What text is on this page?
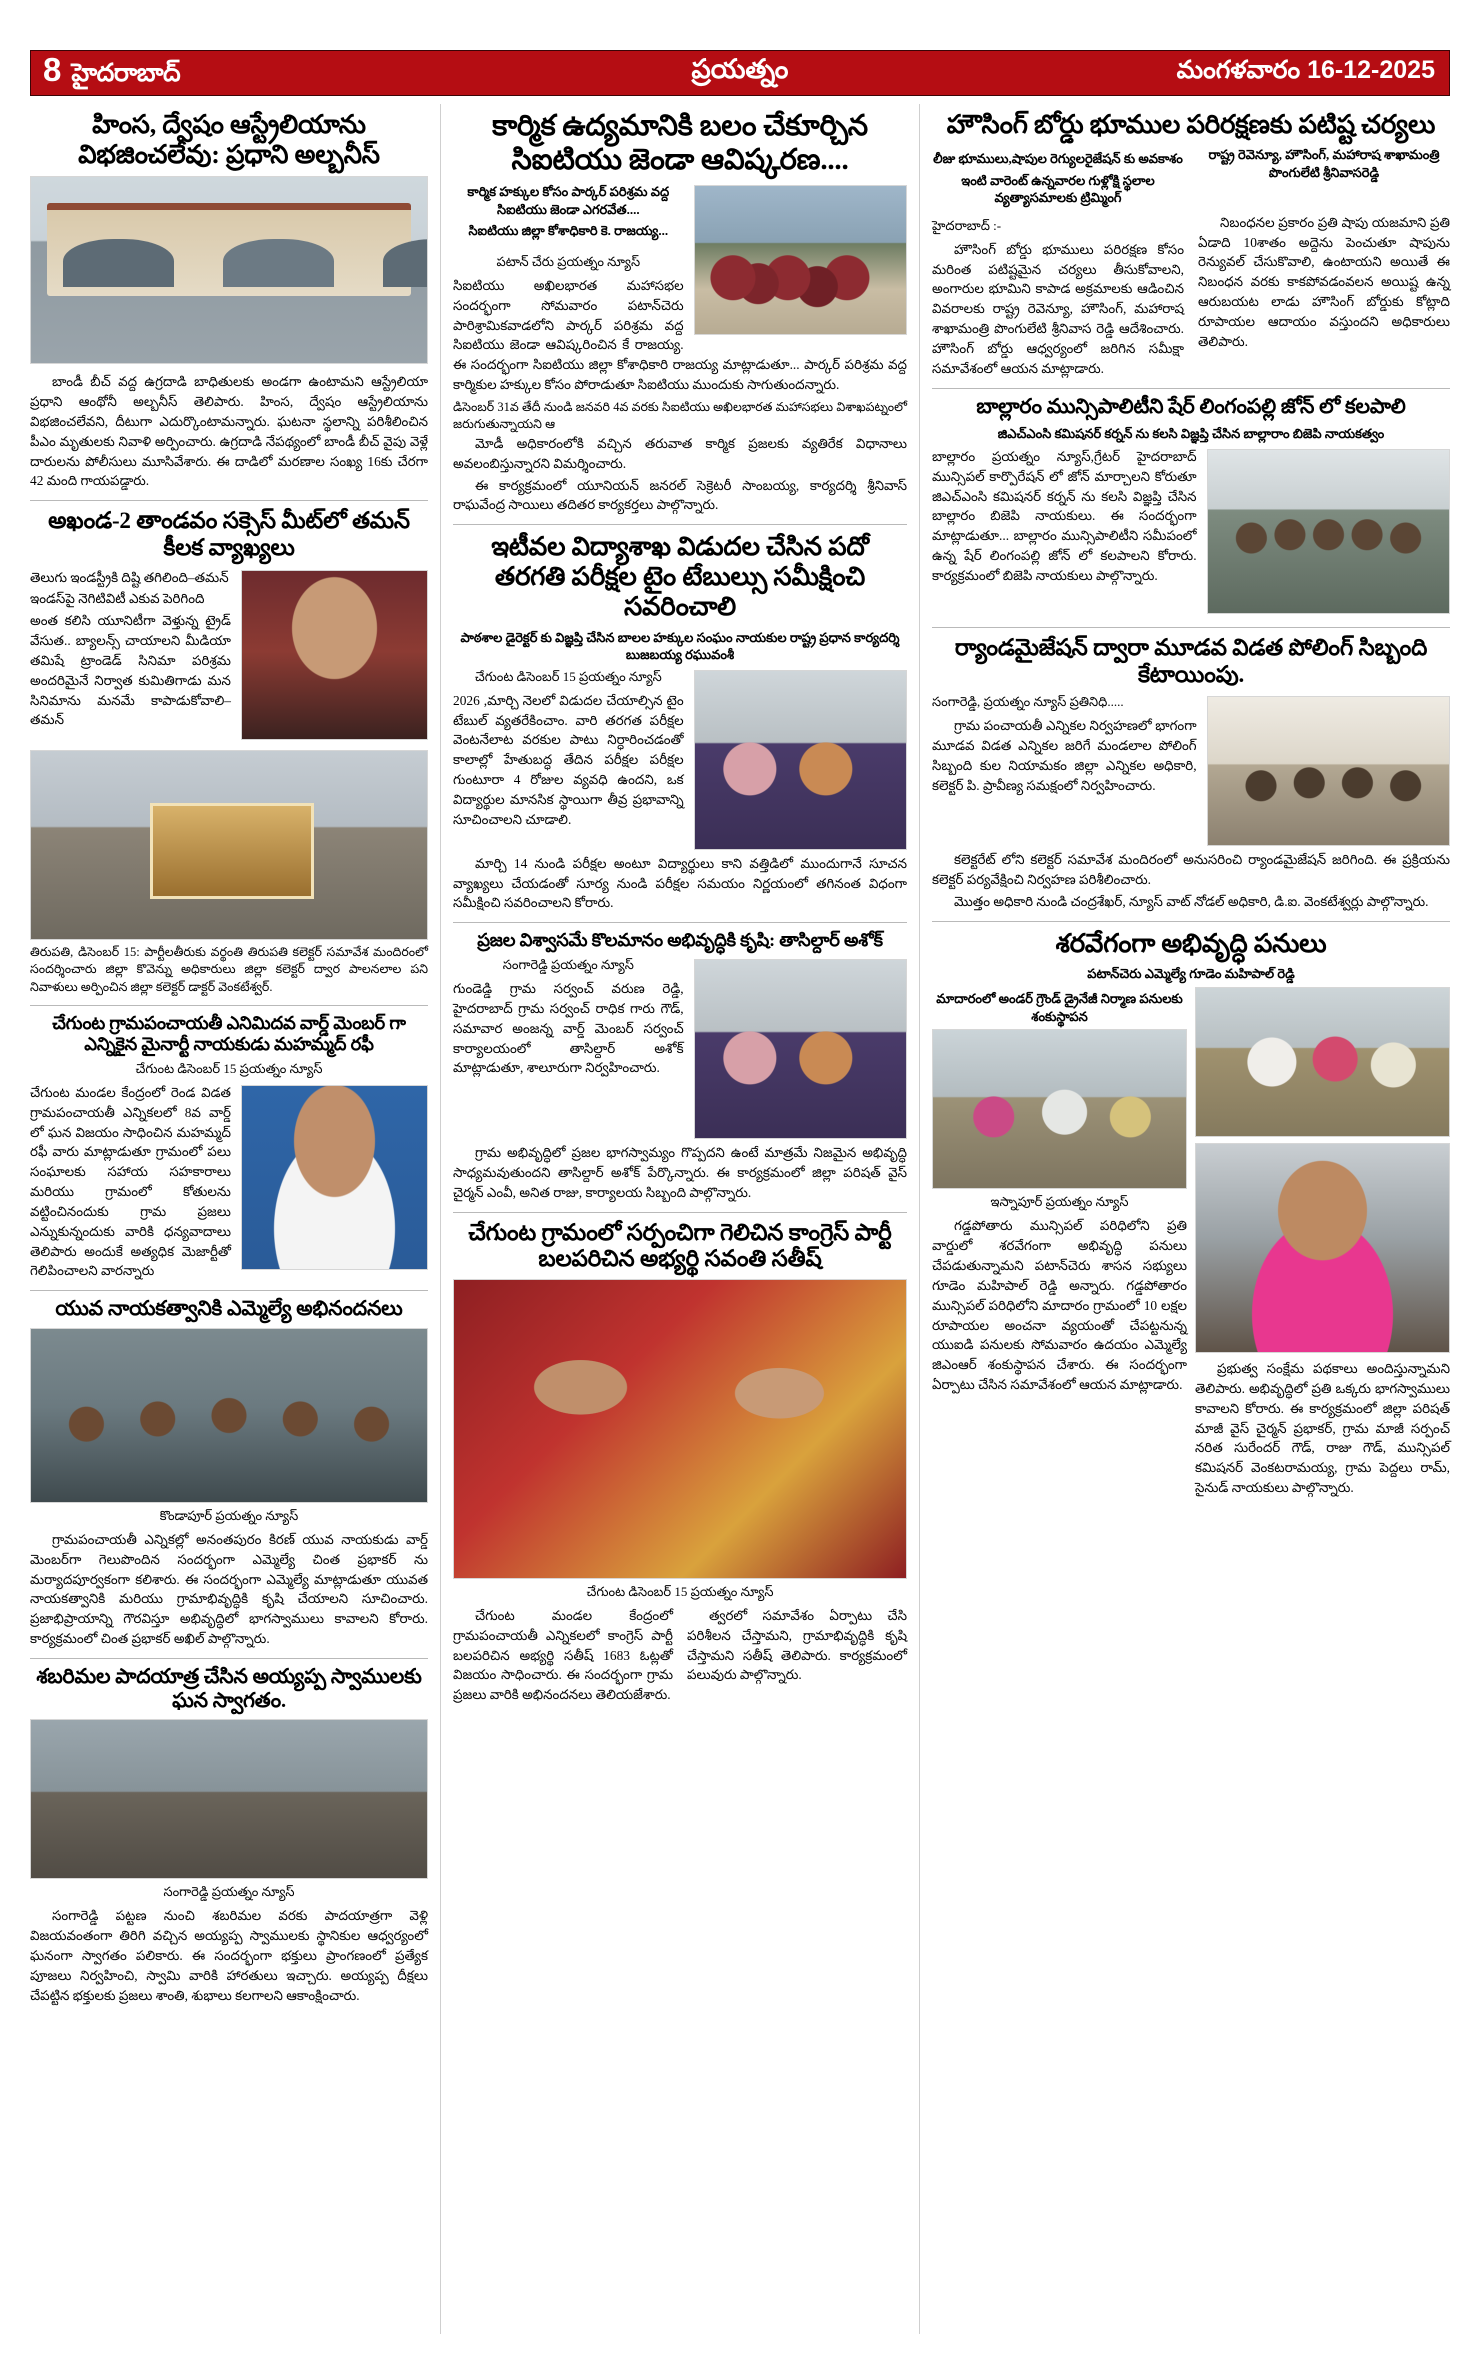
8 హైదరాబాద్	ప్రయత్నం	మంగళవారం 16-12-2025
హింస, ద్వేషం ఆస్ట్రేలియాను విభజించలేవు: ప్రధాని అల్బనీస్
బాండీ బీచ్ వద్ద ఉగ్రదాడి బాధితులకు అండగా ఉంటామని ఆస్ట్రేలియా ప్రధాని ఆంథోనీ అల్బనీస్ తెలిపారు. హింస, ద్వేషం ఆస్ట్రేలియాను విభజించలేవని, దీటుగా ఎదుర్కొంటామన్నారు. ఘటనా స్థలాన్ని పరిశీలించిన పీఎం మృతులకు నివాళి అర్పించారు. ఉగ్రదాడి నేపథ్యంలో బాండీ బీచ్ వైపు వెళ్లే దారులను పోలీసులు మూసివేశారు. ఈ దాడిలో మరణాల సంఖ్య 16కు చేరగా 42 మంది గాయపడ్డారు.
అఖండ-2 తాండవం సక్సెస్ మీట్‌లో తమన్ కీలక వ్యాఖ్యలు
తెలుగు ఇండస్ట్రీకి దిష్టి తగిలింది–తమన్
ఇండస్‌పై నెగిటివిటీ ఎకువ పెరిగింది
అంత కలిసి యూనిటీగా వెళ్తున్న ట్రైడ్ వేసుత.. బ్యాలన్స్ చాయాలని మీడియా తమిషే ట్రాండెడ్ సినిమా పరిశ్రమ అందరిమైనే నిర్వాత కుమితిగాడు మన సినిమాను మనమే కాపాడుకోవాలి–తమన్
తిరుపతి, డిసెంబర్ 15: పార్టీలతీరుకు వర్థంతి తిరుపతి కలెక్టర్ సమావేశ మందిరంలో సందర్శించారు జిల్లా కొవెన్ను అధికారులు జిల్లా కలెక్టర్ ద్వార పాలనలాల పని నివాళులు అర్పించిన జిల్లా కలెక్టర్ డాక్టర్ వెంకటేశ్వర్.
చేగుంట గ్రామపంచాయతీ ఎనిమిదవ వార్డ్ మెంబర్ గా ఎన్నికైన మైనార్టీ నాయకుడు మహమ్మద్ రఫీ
చేగుంట డిసెంబర్ 15 ప్రయత్నం న్యూస్
చేగుంట మండల కేంద్రంలో రెండ విడత గ్రామపంచాయతీ ఎన్నికలలో 8వ వార్డ్ లో ఘన విజయం సాధించిన మహమ్మద్ రఫీ వారు మాట్లాడుతూ గ్రామంలో పలు సంఘాలకు సహాయ సహకారాలు మరియు గ్రామంలో కోతులను వట్టించినందుకు గ్రామ ప్రజలు ఎన్నుకున్నందుకు వారికి ధన్యవాదాలు తెలిపారు అందుకే అత్యధిక మెజార్టీతో గెలిపించాలని వారన్నారు
యువ నాయకత్వానికి ఎమ్మెల్యే అభినందనలు
కొండాపూర్ ప్రయత్నం న్యూస్
గ్రామపంచాయతీ ఎన్నికల్లో అనంతపురం కిరణ్ యువ నాయకుడు వార్డ్ మెంబర్‌గా గెలుపొందిన సందర్భంగా ఎమ్మెల్యే చింత ప్రభాకర్ ను మర్యాదపూర్వకంగా కలిశారు. ఈ సందర్భంగా ఎమ్మెల్యే మాట్లాడుతూ యువత నాయకత్వానికి మరియు గ్రామాభివృద్ధికి కృషి చేయాలని సూచించారు. ప్రజాభిప్రాయాన్ని గౌరవిస్తూ అభివృద్ధిలో భాగస్వాములు కావాలని కోరారు. కార్యక్రమంలో చింత ప్రభాకర్ అఖిల్ పాల్గొన్నారు.
శబరిమల పాదయాత్ర చేసిన అయ్యప్ప స్వాములకు ఘన స్వాగతం.
సంగారెడ్డి ప్రయత్నం న్యూస్
సంగారెడ్డి పట్టణ నుంచి శబరిమల వరకు పాదయాత్రగా వెళ్లి విజయవంతంగా తిరిగి వచ్చిన అయ్యప్ప స్వాములకు స్థానికుల ఆధ్వర్యంలో ఘనంగా స్వాగతం పలికారు. ఈ సందర్భంగా భక్తులు ప్రాంగణంలో ప్రత్యేక పూజలు నిర్వహించి, స్వామి వారికి హారతులు ఇచ్చారు. అయ్యప్ప దీక్షలు చేపట్టిన భక్తులకు ప్రజలు శాంతి, శుభాలు కలగాలని ఆకాంక్షించారు.
కార్మిక ఉద్యమానికి బలం చేకూర్చిన సిఐటియు జెండా ఆవిష్కరణ....
కార్మిక హక్కుల కోసం పార్కర్ పరిశ్రమ వద్ద సిఐటియు జెండా ఎగరవేత....
సిఐటియు జిల్లా కోశాధికారి కె. రాజయ్య...
పటాన్ చేరు ప్రయత్నం న్యూస్
సిఐటియు అఖిలభారత మహాసభల సందర్భంగా సోమవారం పటాన్‌చెరు పారిశ్రామికవాడలోని పార్కర్ పరిశ్రమ వద్ద సిఐటియు జెండా ఆవిష్కరించిన కే రాజయ్య. ఈ సందర్భంగా సిఐటియు జిల్లా కోశాధికారి రాజయ్య మాట్లాడుతూ... పార్కర్ పరిశ్రమ వద్ద కార్మికుల హక్కుల కోసం పోరాడుతూ సిఐటియు ముందుకు సాగుతుందన్నారు.
డిసెంబర్ 31వ తేదీ నుండి జనవరి 4వ వరకు సిఐటియు అఖిలభారత మహాసభలు విశాఖపట్నంలో జరుగుతున్నాయని ఆ
మోడీ అధికారంలోకి వచ్చిన తరువాత కార్మిక ప్రజలకు వ్యతిరేక విధానాలు అవలంబిస్తున్నారని విమర్శించారు.
ఈ కార్యక్రమంలో యూనియన్ జనరల్ సెక్రెటరీ సాంబయ్య, కార్యదర్శి శ్రీనివాస్ రాఘవేంద్ర సాయిలు తదితర కార్యకర్తలు పాల్గొన్నారు.
ఇటీవల విద్యాశాఖ విడుదల చేసిన పదో తరగతి పరీక్షల టైం టేబుల్సు సమీక్షించి సవరించాలి
పాఠశాల డైరెక్టర్ కు విజ్ఞప్తి చేసిన బాలల హక్కుల సంఘం నాయకుల రాష్ట్ర ప్రధాన కార్యదర్శి బుజబయ్య రఘువంశీ
చేగుంట డిసెంబర్ 15 ప్రయత్నం న్యూస్
2026 ,మార్చి నెలలో విడుదల చేయాల్సిన టైం టేబుల్ వ్యతరేకించాం. వారి తరగత పరీక్షల వెంటనేలాట వరకుల పాటు నిర్ధారించడంతో కాలాల్లో హేతుబద్ధ తేదిన పరీక్షల పరీక్షల గుంటూరా 4 రోజుల వ్యవధి ఉందని, ఒక విద్యార్థుల మానసిక స్థాయిగా తీవ్ర ప్రభావాన్ని సూచించాలని చూడాలి.
మార్చి 14 నుండి పరీక్షల అంటూ విద్యార్థులు కాని వత్తిడిలో ముందుగానే సూచన వ్యాఖ్యలు చేయడంతో సూర్య నుండి పరీక్షల సమయం నిర్ణయంలో తగినంత విధంగా సమీక్షించి సవరించాలని కోరారు.
ప్రజల విశ్వాసమే కొలమానం అభివృద్ధికి కృషి: తాసిల్దార్ అశోక్
సంగారెడ్డి ప్రయత్నం న్యూస్
గుండెడ్డి గ్రామ సర్వంచ్ వరుణ రెడ్డి, హైదరాబాద్ గ్రామ సర్వంచ్ రాధిక గారు గౌడ్, సమావార అంజన్న వార్డ్ మెంబర్ సర్వంచ్ కార్యాలయంలో తాసిల్దార్ అశోక్ మాట్లాడుతూ, శాలూరుగా నిర్వహించారు.
గ్రామ అభివృద్ధిలో ప్రజల భాగస్వామ్యం గొప్పదని ఉంటే మాత్రమే నిజమైన అభివృద్ధి సాధ్యమవుతుందని తాసిల్దార్ అశోక్ పేర్కొన్నారు. ఈ కార్యక్రమంలో జిల్లా పరిషత్ వైస్ చైర్మన్ ఎంవీ, అనిత రాజు, కార్యాలయ సిబ్బంది పాల్గొన్నారు.
చేగుంట గ్రామంలో సర్పంచిగా గెలిచిన కాంగ్రెస్ పార్టీ బలపరిచిన అభ్యర్థి సవంతి సతీష్
చేగుంట డిసెంబర్ 15 ప్రయత్నం న్యూస్
చేగుంట మండల కేంద్రంలో గ్రామపంచాయతీ ఎన్నికలలో కాంగ్రెస్ పార్టీ బలపరిచిన అభ్యర్థి సతీష్ 1683 ఓట్లతో విజయం సాధించారు. ఈ సందర్భంగా గ్రామ ప్రజలు వారికి అభినందనలు తెలియజేశారు.
త్వరలో సమావేశం ఏర్పాటు చేసి పరిశీలన చేస్తామని, గ్రామాభివృద్ధికి కృషి చేస్తామని సతీష్ తెలిపారు. కార్యక్రమంలో పలువురు పాల్గొన్నారు.
హౌసింగ్ బోర్డు భూముల పరిరక్షణకు పటిష్ట చర్యలు
లీజు భూములు,షాపుల రెగ్యులరైజేషన్ కు అవకాశం
ఇంటి వారెంట్ ఉన్నవారల గుళ్లోక్షి స్థలాల వ్యత్యాసమాలకు ట్రిమ్మింగ్
రాష్ట్ర రెవెన్యూ, హౌసింగ్, మహారాష శాఖామంత్రి పొంగులేటి శ్రీనివాసరెడ్డి
హైదరాబాద్ :-
హౌసింగ్ బోర్డు భూములు పరిరక్షణ కోసం మరింత పటిష్టమైన చర్యలు తీసుకోవాలని, అంగారుల భూమిని కాపాడ అక్రమాలకు ఆడించిన వివరాలకు రాష్ట్ర రెవెన్యూ, హౌసింగ్, మహారాష శాఖామంత్రి పొంగులేటి శ్రీనివాస రెడ్డి ఆదేశించారు. హౌసింగ్ బోర్డు ఆధ్వర్యంలో జరిగిన సమీక్షా సమావేశంలో ఆయన మాట్లాడారు.
నిబంధనల ప్రకారం ప్రతి షాపు యజమాని ప్రతి ఏడాది 10శాతం అద్దెను పెంచుతూ షాపును రెన్యువల్ చేసుకొవాలి, ఉంటాయని అయితే ఈ నిబంధన వరకు కాకపోవడంవలన అయిష్ట ఉన్న ఆరుబయట లాడు హౌసింగ్ బోర్డుకు కోట్లాది రూపాయల ఆదాయం వస్తుందని అధికారులు తెలిపారు.
బాల్లారం మున్సిపాలిటీని షేర్ లింగంపల్లి జోన్ లో కలపాలి
జిఎచ్ఎంసి కమిషనర్ కర్నన్ ను కలసి విజ్ఞప్తి చేసిన బాల్లారాం బిజెపి నాయకత్వం
బాల్లారం ప్రయత్నం న్యూస్,గ్రేటర్ హైదరాబాద్ మున్సిపల్ కార్పొరేషన్ లో జోన్ మార్చాలని కోరుతూ జిఎచ్ఎంసి కమిషనర్ కర్నన్ ను కలసి విజ్ఞప్తి చేసిన బాల్లారం బిజెపి నాయకులు. ఈ సందర్భంగా మాట్లాడుతూ... బాల్లారం మున్సిపాలిటీని సమీపంలో ఉన్న షేర్ లింగంపల్లి జోన్ లో కలపాలని కోరారు. కార్యక్రమంలో బిజెపి నాయకులు పాల్గొన్నారు.
ర్యాండమైజేషన్ ద్వారా మూడవ విడత పోలింగ్ సిబ్బంది కేటాయింపు.
సంగారెడ్డి, ప్రయత్నం న్యూస్ ప్రతినిధి.....
గ్రామ పంచాయతీ ఎన్నికల నిర్వహణలో భాగంగా మూడవ విడత ఎన్నికల జరిగే మండలాల పోలింగ్ సిబ్బంది కుల నియామకం జిల్లా ఎన్నికల అధికారి, కలెక్టర్ పి. ప్రావీణ్య సమక్షంలో నిర్వహించారు.
కలెక్టరేట్ లోని కలెక్టర్ సమావేశ మందిరంలో అనుసరించి ర్యాండమైజేషన్ జరిగింది. ఈ ప్రక్రియను కలెక్టర్ పర్యవేక్షించి నిర్వహణ పరిశీలించారు.
మొత్తం అధికారి నుండి చంద్రశేఖర్, న్యూస్ వాట్ నోడల్ అధికారి, డి.ఐ. వెంకటేశ్వర్లు పాల్గొన్నారు.
శరవేగంగా అభివృద్ధి పనులు
పటాన్‌చెరు ఎమ్మెల్యే గూడెం మహిపాల్ రెడ్డి
మాదారంలో అండర్ గ్రౌండ్ డ్రైనేజీ నిర్మాణ పనులకు శంకుస్థాపన
ఇస్నాపూర్ ప్రయత్నం న్యూస్
గడ్డపోతారు మున్సిపల్ పరిధిలోని ప్రతి వార్డులో శరవేగంగా అభివృద్ధి పనులు చేపడుతున్నామని పటాన్‌చెరు శాసన సభ్యులు గూడెం మహిపాల్ రెడ్డి అన్నారు. గడ్డపోతారం మున్సిపల్ పరిధిలోని మాదారం గ్రామంలో 10 లక్షల రూపాయల అంచనా వ్యయంతో చేపట్టనున్న యుఐడి పనులకు సోమవారం ఉదయం ఎమ్మెల్యే జిఎంఆర్ శంకుస్థాపన చేశారు. ఈ సందర్భంగా ఏర్పాటు చేసిన సమావేశంలో ఆయన మాట్లాడారు.
ప్రభుత్వ సంక్షేమ పథకాలు అందిస్తున్నామని తెలిపారు. అభివృద్ధిలో ప్రతి ఒక్కరు భాగస్వాములు కావాలని కోరారు. ఈ కార్యక్రమంలో జిల్లా పరిషత్ మాజీ వైస్ చైర్మన్ ప్రభాకర్, గ్రామ మాజీ సర్పంచ్ నరిత సురేందర్ గౌడ్, రాజు గౌడ్, మున్సిపల్ కమిషనర్ వెంకటరామయ్య, గ్రామ పెద్దలు రామ్, సైనుడ్ నాయకులు పాల్గొన్నారు.
